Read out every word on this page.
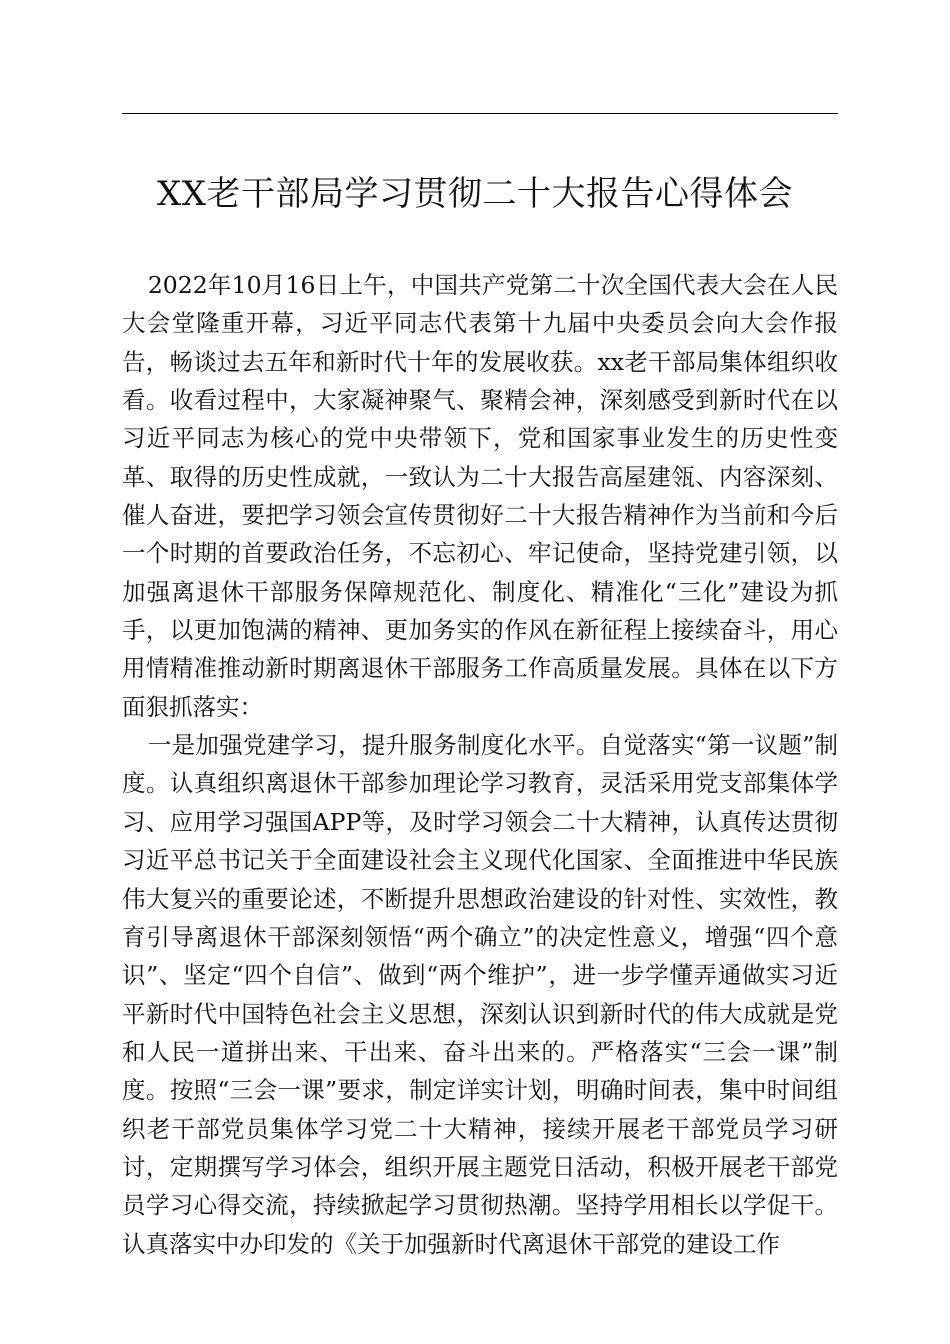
XX老干部局学习贯彻二十大报告心得体会

2022年10月16日上午，中国共产党第二十次全国代表大会在人民大会堂隆重开幕，习近平同志代表第十九届中央委员会向大会作报告，畅谈过去五年和新时代十年的发展收获。xx老干部局集体组织收看。收看过程中，大家凝神聚气、聚精会神，深刻感受到新时代在以习近平同志为核心的党中央带领下，党和国家事业发生的历史性变革、取得的历史性成就，一致认为二十大报告高屋建瓴、内容深刻、催人奋进，要把学习领会宣传贯彻好二十大报告精神作为当前和今后一个时期的首要政治任务，不忘初心、牢记使命，坚持党建引领，以加强离退休干部服务保障规范化、制度化、精准化“三化”建设为抓手，以更加饱满的精神、更加务实的作风在新征程上接续奋斗，用心用情精准推动新时期离退休干部服务工作高质量发展。具体在以下方面狠抓落实：

一是加强党建学习，提升服务制度化水平。自觉落实“第一议题”制度。认真组织离退休干部参加理论学习教育，灵活采用党支部集体学习、应用学习强国APP等，及时学习领会二十大精神，认真传达贯彻习近平总书记关于全面建设社会主义现代化国家、全面推进中华民族伟大复兴的重要论述，不断提升思想政治建设的针对性、实效性，教育引导离退休干部深刻领悟“两个确立”的决定性意义，增强“四个意识”、坚定“四个自信”、做到“两个维护”，进一步学懂弄通做实习近平新时代中国特色社会主义思想，深刻认识到新时代的伟大成就是党和人民一道拼出来、干出来、奋斗出来的。严格落实“三会一课”制度。按照“三会一课”要求，制定详实计划，明确时间表，集中时间组织老干部党员集体学习党二十大精神，接续开展老干部党员学习研讨，定期撰写学习体会，组织开展主题党日活动，积极开展老干部党员学习心得交流，持续掀起学习贯彻热潮。坚持学用相长以学促干。认真落实中办印发的《关于加强新时代离退休干部党的建设工作
